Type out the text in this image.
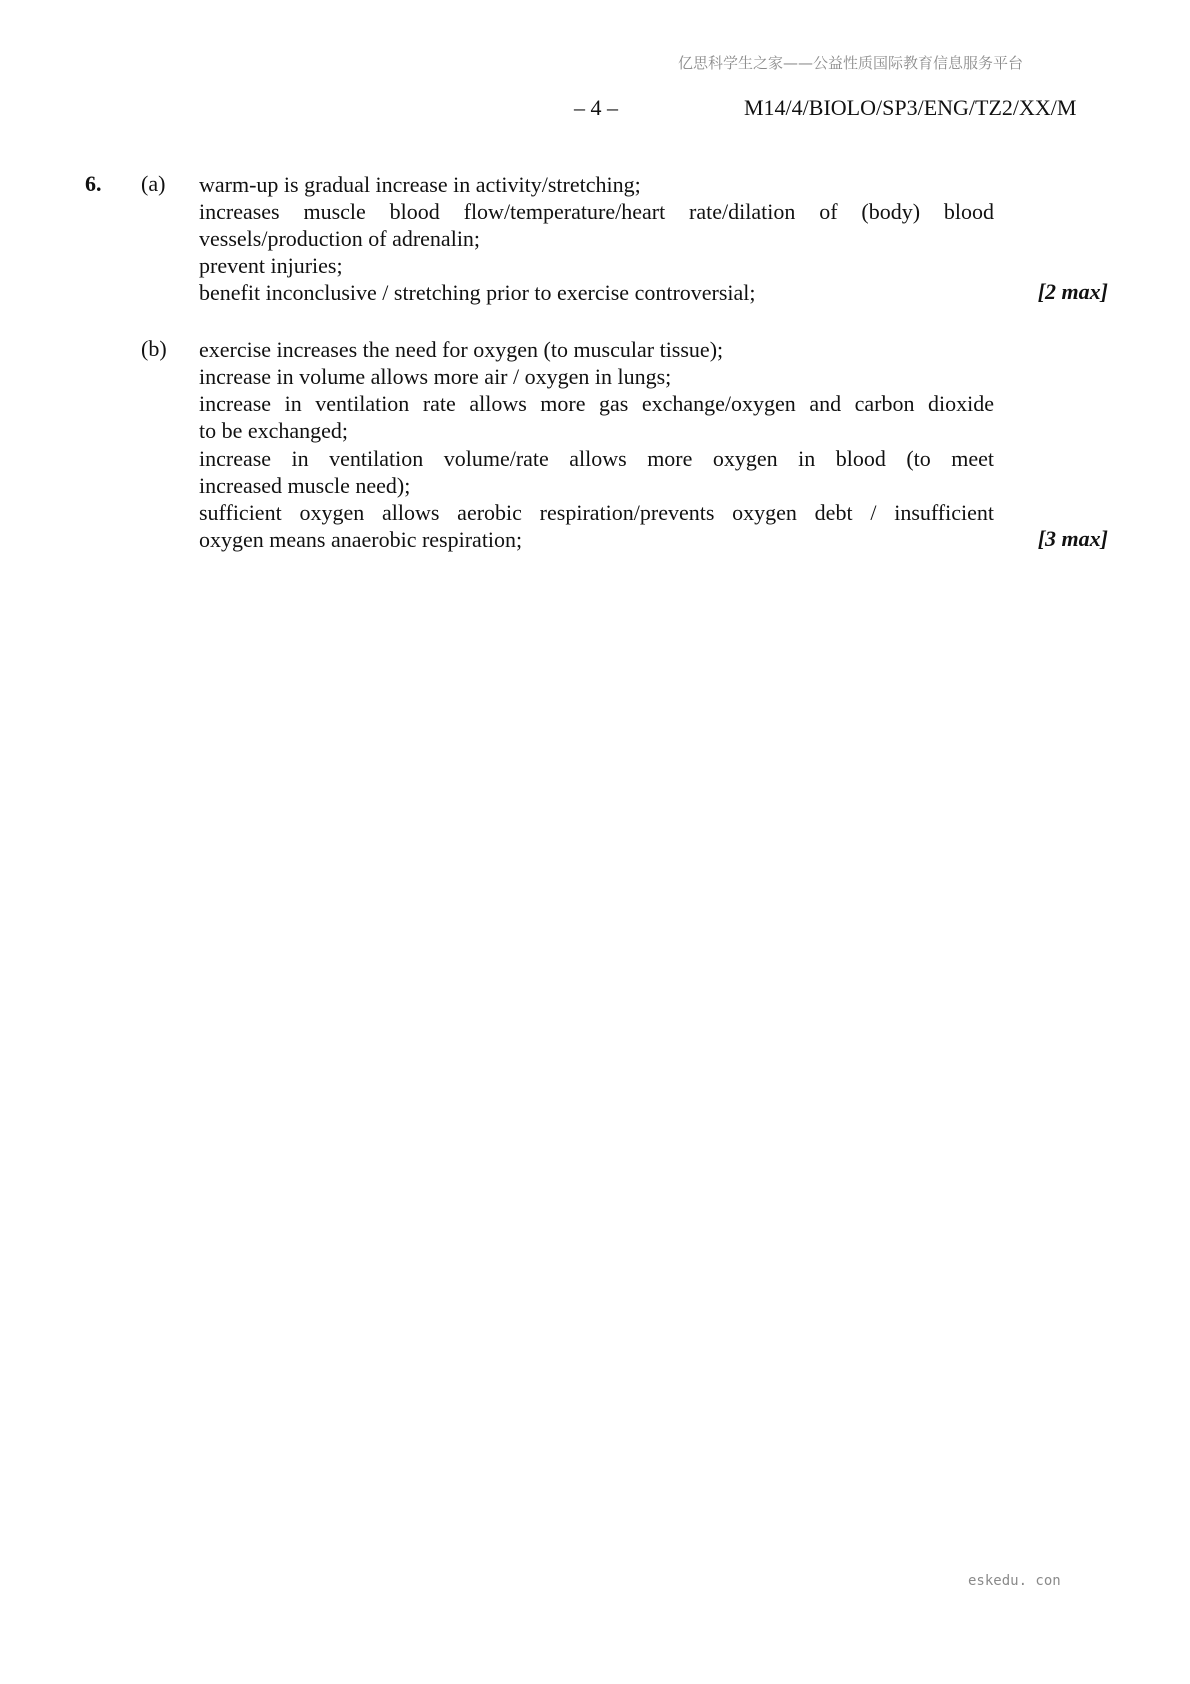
亿思科学生之家——公益性质国际教育信息服务平台
– 4 –	M14/4/BIOLO/SP3/ENG/TZ2/XX/M
6. (a) warm-up is gradual increase in activity/stretching;
increases muscle blood flow/temperature/heart rate/dilation of (body) blood
vessels/production of adrenalin;
prevent injuries;
benefit inconclusive / stretching prior to exercise controversial;	[2 max]
(b) exercise increases the need for oxygen (to muscular tissue);
increase in volume allows more air / oxygen in lungs;
increase in ventilation rate allows more gas exchange/oxygen and carbon dioxide
to be exchanged;
increase in ventilation volume/rate allows more oxygen in blood (to meet
increased muscle need);
sufficient oxygen allows aerobic respiration/prevents oxygen debt / insufficient
oxygen means anaerobic respiration;	[3 max]
eskedu. con
